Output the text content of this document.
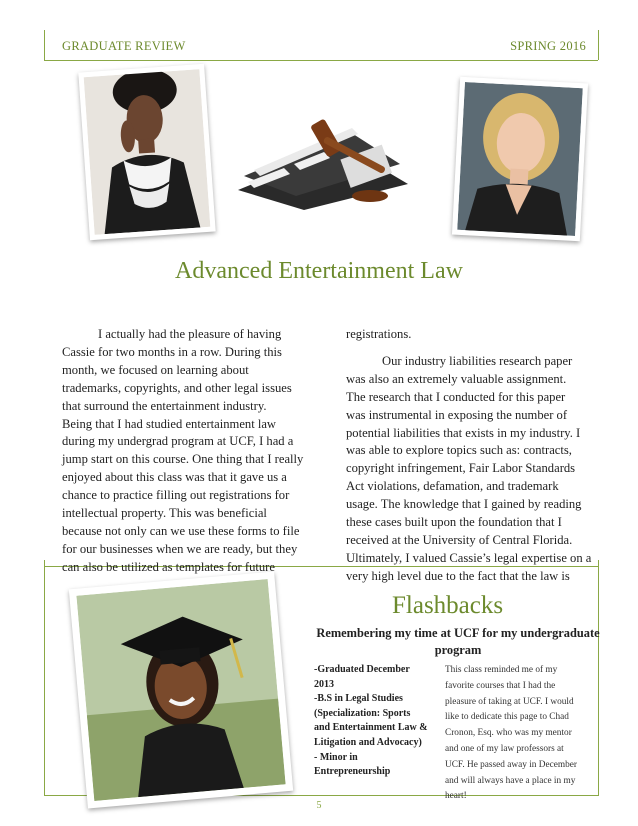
GRADUATE REVIEW	SPRING 2016
Advanced Entertainment Law

I actually had the pleasure of having

Cassie for two months in a row. During this

month, we focused on learning about

trademarks, copyrights, and other legal issues

that surround the entertainment industry.

Being that I had studied entertainment law

during my undergrad program at UCF, I had a

jump start on this course. One thing that I really

enjoyed about this class was that it gave us a

chance to practice filling out registrations for

intellectual property. This was beneficial

because not only can we use these forms to file

for our businesses when we are ready, but they

can also be utilized as templates for future

registrations.

Our industry liabilities research paper

was also an extremely valuable assignment.

The research that I conducted for this paper

was instrumental in exposing the number of

potential liabilities that exists in my industry. I

was able to explore topics such as: contracts,

copyright infringement, Fair Labor Standards

Act violations, defamation, and trademark

usage. The knowledge that I gained by reading

these cases built upon the foundation that I

received at the University of Central Florida.

Ultimately, I valued Cassie’s legal expertise on a

very high level due to the fact that the law is

Flashbacks
Remembering my time at UCF for my undergraduate program
-Graduated December
2013
-B.S in Legal Studies
(Specialization: Sports
and Entertainment Law &
Litigation and Advocacy)
- Minor in
Entrepreneurship
This class reminded me of my
favorite courses that I had the
pleasure of taking at UCF. I would
like to dedicate this page to Chad
Cronon, Esq. who was my mentor
and one of my law professors at
UCF. He passed away in December
and will always have a place in my
heart!
5
